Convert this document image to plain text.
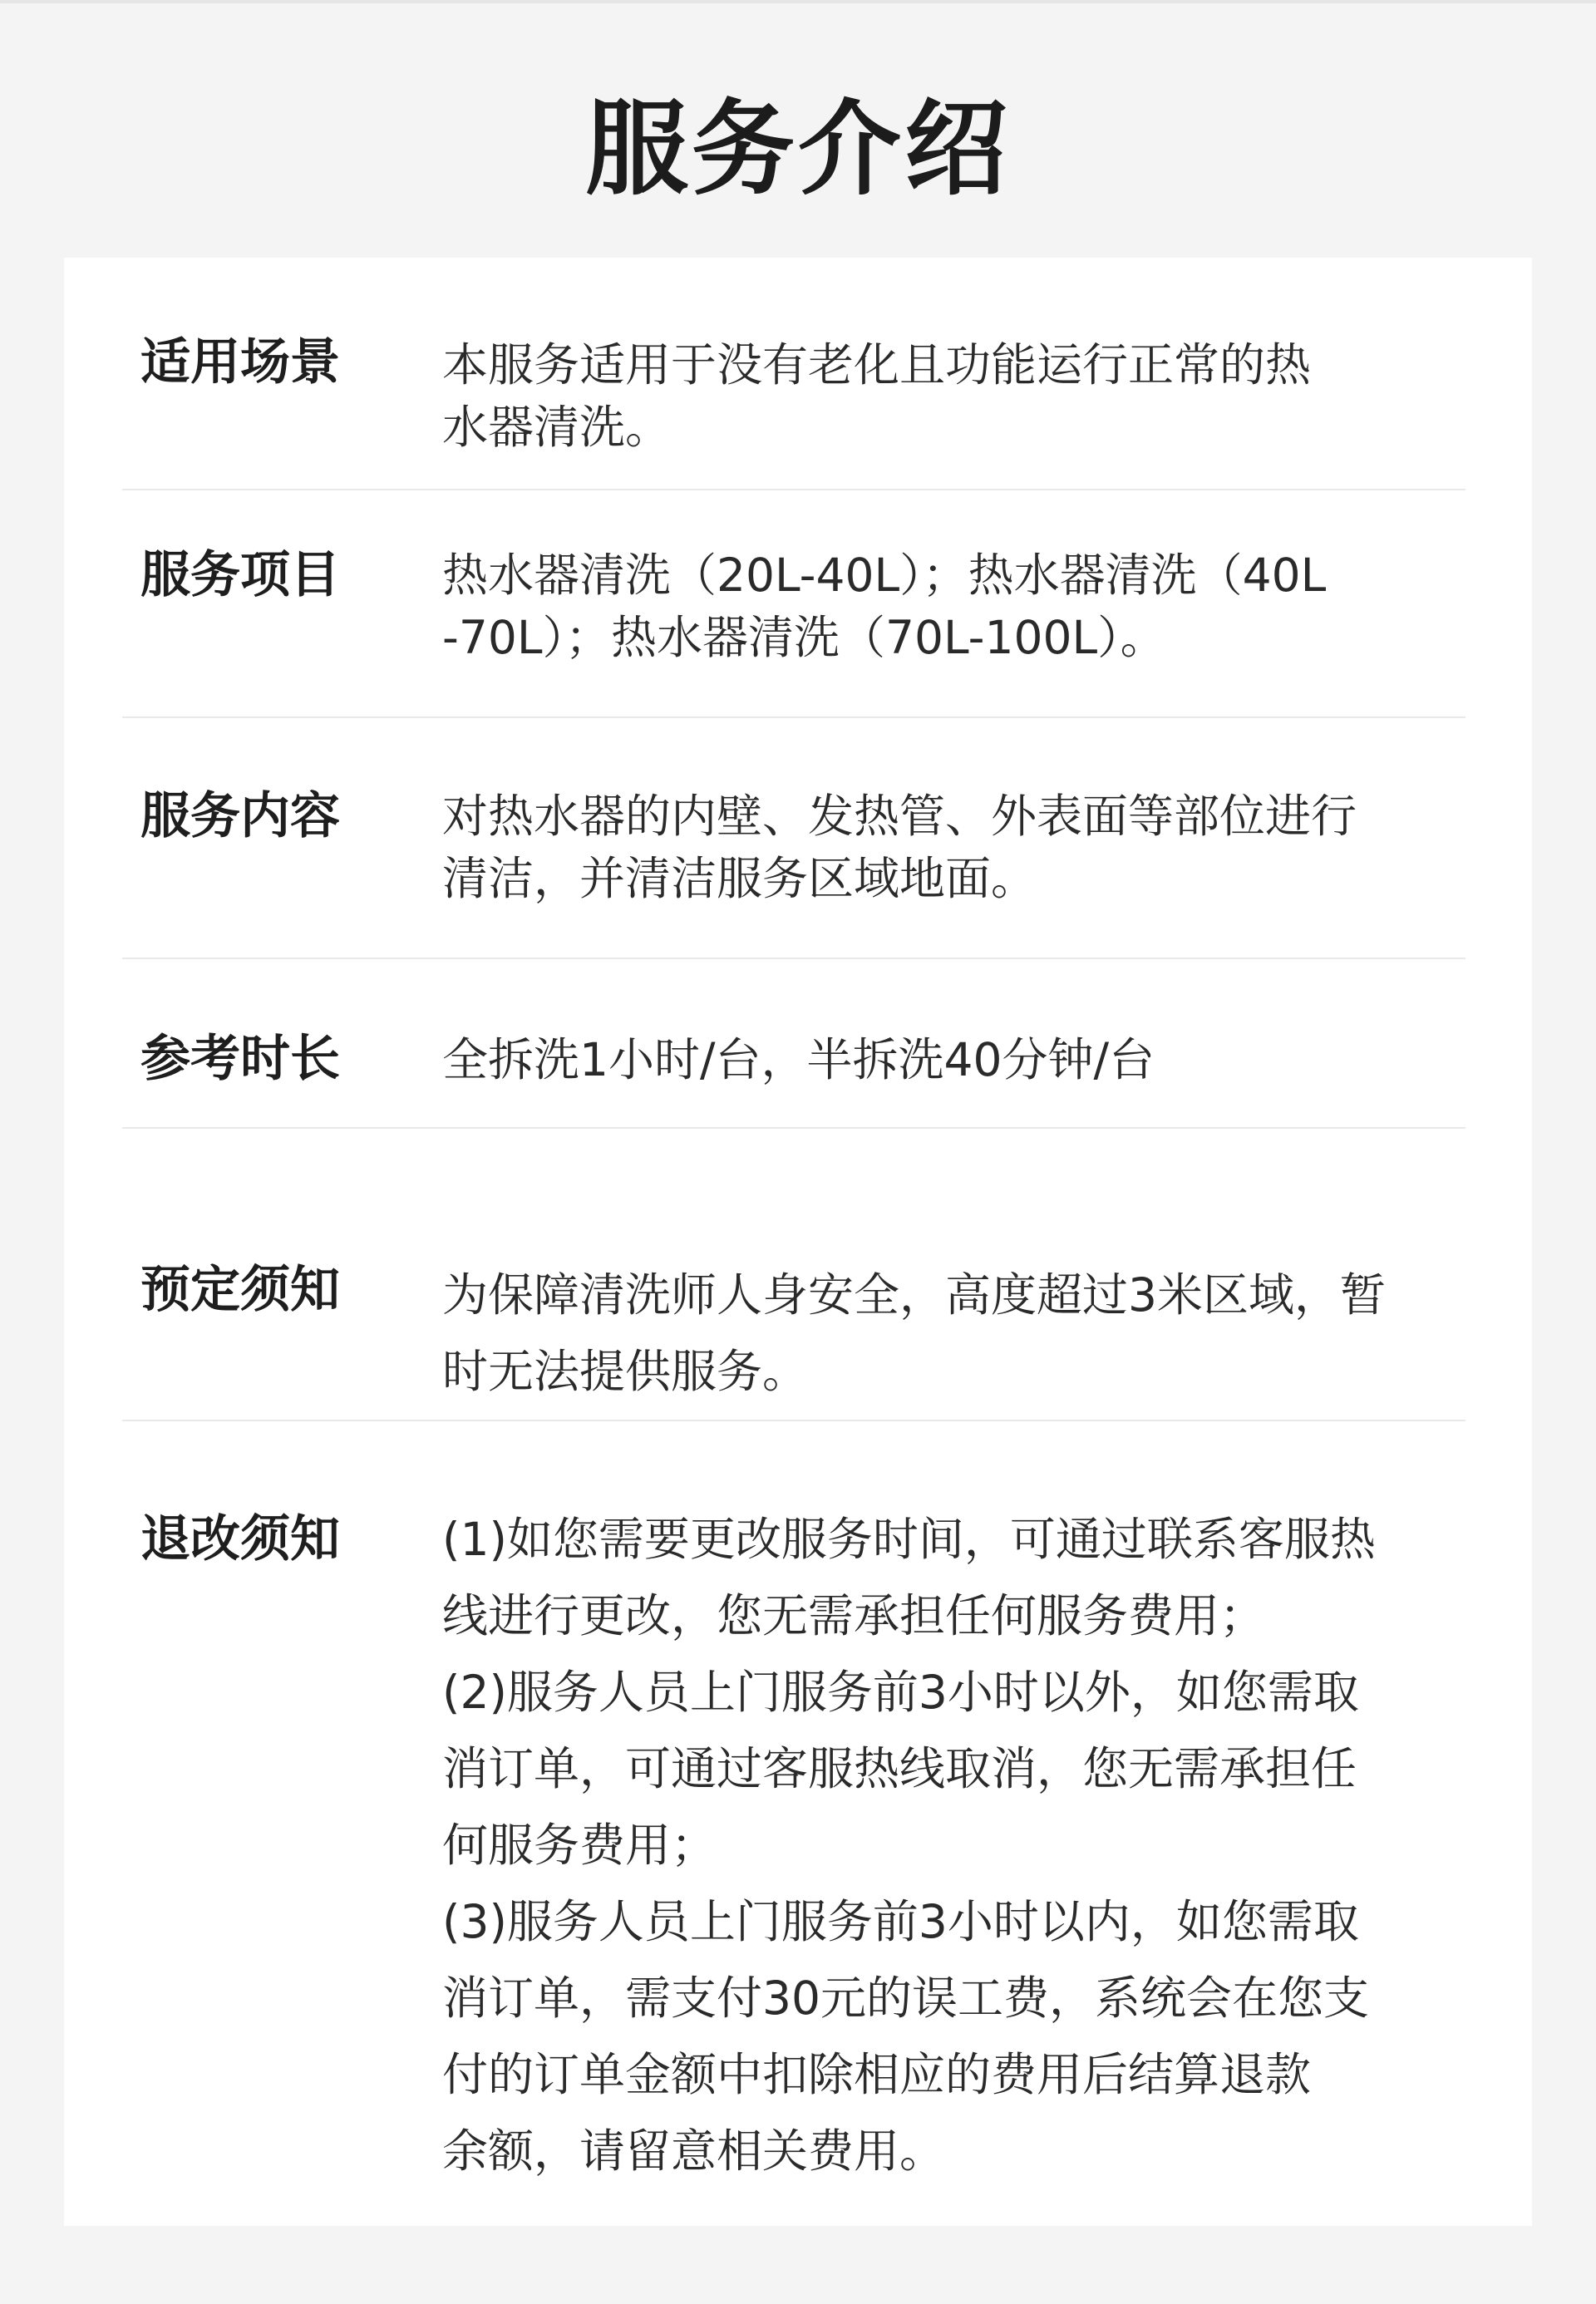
服务介绍
适用场景 本服务适用于没有老化且功能运行正常的热
水器清洗。
服务项目 热水器清洗（20L-40L）；热水器清洗（40L
-70L）；热水器清洗（70L-100L）。
服务内容 对热水器的内壁、发热管、外表面等部位进行
清洁，并清洁服务区域地面。
参考时长 全拆洗1小时/台，半拆洗40分钟/台
预定须知 为保障清洗师人身安全，高度超过3米区域，暂
时无法提供服务。
退改须知 (1)如您需要更改服务时间，可通过联系客服热
线进行更改，您无需承担任何服务费用；
(2)服务人员上门服务前3小时以外，如您需取
消订单，可通过客服热线取消，您无需承担任
何服务费用；
(3)服务人员上门服务前3小时以内，如您需取
消订单，需支付30元的误工费，系统会在您支
付的订单金额中扣除相应的费用后结算退款
余额，请留意相关费用。
